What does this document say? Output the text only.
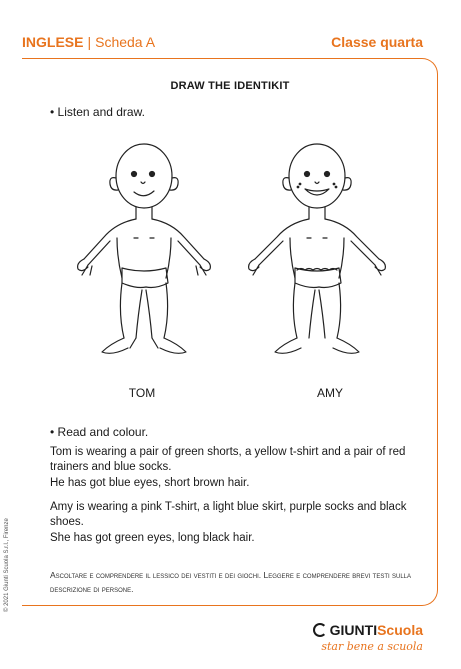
INGLESE | Scheda A	Classe quarta
© 2021 Giunti Scuola S.r.l., Firenze
DRAW THE IDENTIKIT
• Listen and draw.
TOM	AMY
• Read and colour.
Tom is wearing a pair of green shorts, a yellow t-shirt and a pair of red trainers and blue socks.
He has got blue eyes, short brown hair.
Amy is wearing a pink T-shirt, a light blue skirt, purple socks and black shoes.
She has got green eyes, long black hair.
Ascoltare e comprendere il lessico dei vestiti e dei giochi. Leggere e comprendere brevi testi sulla descrizione di persone.
GIUNTIScuola
star bene a scuola
